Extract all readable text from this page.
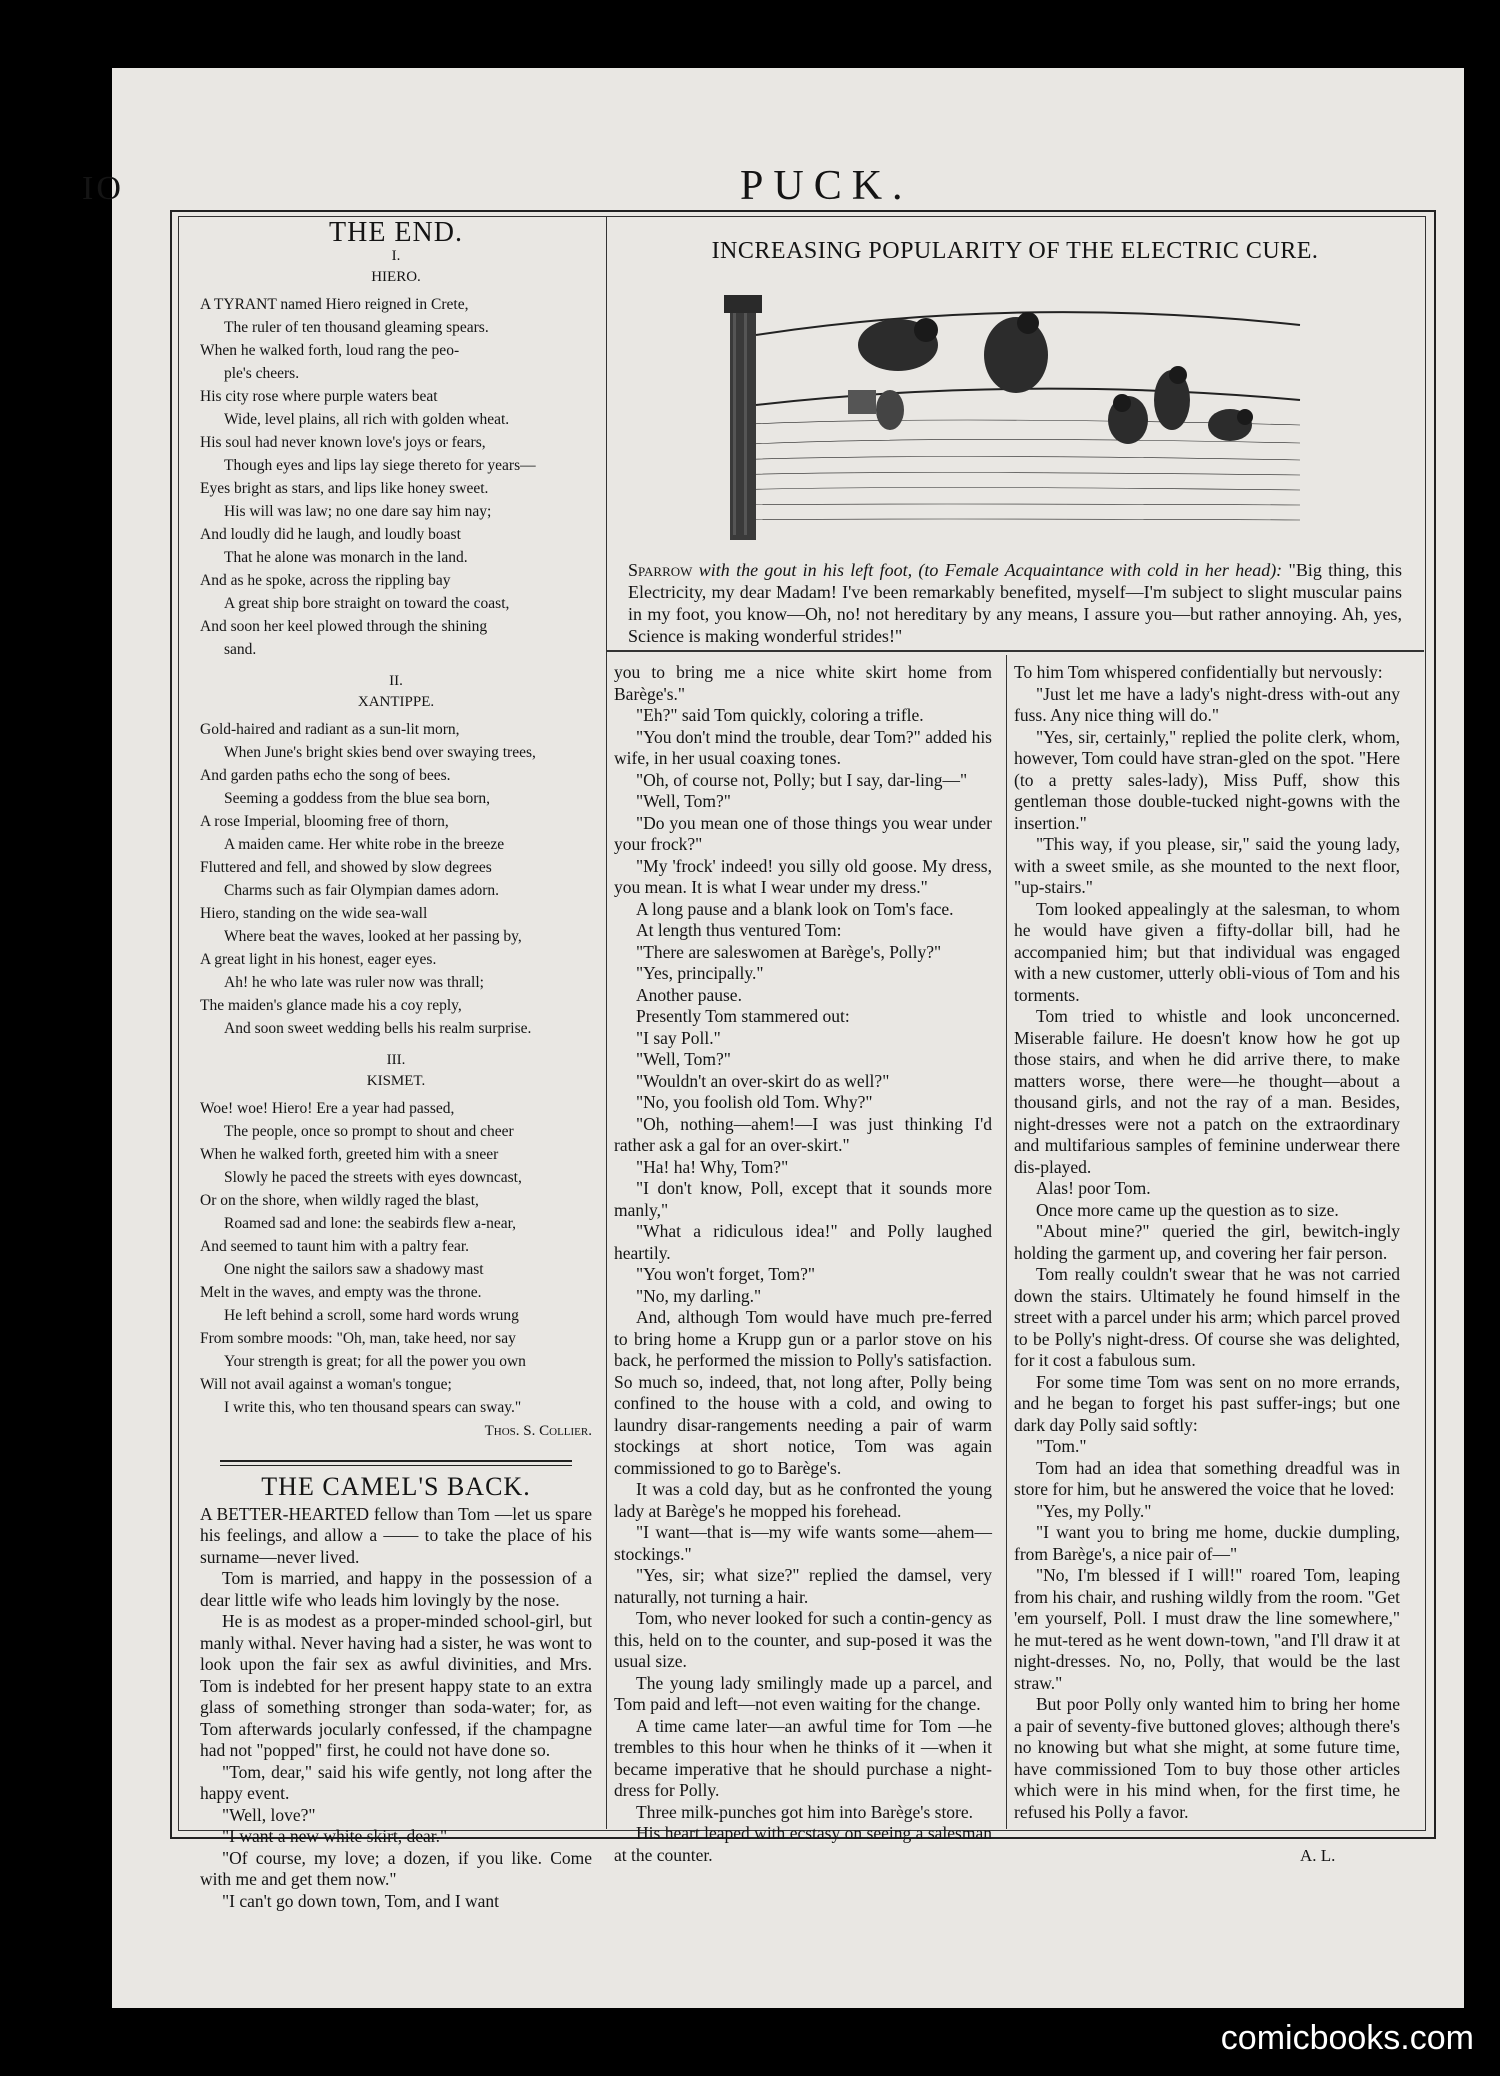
IO	PUCK.
THE END.
I.
HIERO.

A TYRANT named Hiero reigned in Crete,

The ruler of ten thousand gleaming spears.

When he walked forth, loud rang the peo-

ple's cheers.

His city rose where purple waters beat

Wide, level plains, all rich with golden wheat.

His soul had never known love's joys or fears,

Though eyes and lips lay siege thereto for years—

Eyes bright as stars, and lips like honey sweet.

His will was law; no one dare say him nay;

And loudly did he laugh, and loudly boast

That he alone was monarch in the land.

And as he spoke, across the rippling bay

A great ship bore straight on toward the coast,

And soon her keel plowed through the shining

sand.

II.
XANTIPPE.

Gold-haired and radiant as a sun-lit morn,

When June's bright skies bend over swaying trees,

And garden paths echo the song of bees.

Seeming a goddess from the blue sea born,

A rose Imperial, blooming free of thorn,

A maiden came. Her white robe in the breeze

Fluttered and fell, and showed by slow degrees

Charms such as fair Olympian dames adorn.

Hiero, standing on the wide sea-wall

Where beat the waves, looked at her passing by,

A great light in his honest, eager eyes.

Ah! he who late was ruler now was thrall;

The maiden's glance made his a coy reply,

And soon sweet wedding bells his realm surprise.

III.
KISMET.

Woe! woe! Hiero! Ere a year had passed,

The people, once so prompt to shout and cheer

When he walked forth, greeted him with a sneer

Slowly he paced the streets with eyes downcast,

Or on the shore, when wildly raged the blast,

Roamed sad and lone: the seabirds flew a-near,

And seemed to taunt him with a paltry fear.

One night the sailors saw a shadowy mast

Melt in the waves, and empty was the throne.

He left behind a scroll, some hard words wrung

From sombre moods: "Oh, man, take heed, nor say

Your strength is great; for all the power you own

Will not avail against a woman's tongue;

I write this, who ten thousand spears can sway."

Thos. S. Collier.
THE CAMEL'S BACK.

A BETTER-HEARTED fellow than Tom —let us spare his feelings, and allow a —— to take the place of his surname—never lived.

Tom is married, and happy in the possession of a dear little wife who leads him lovingly by the nose.

He is as modest as a proper-minded school-girl, but manly withal. Never having had a sister, he was wont to look upon the fair sex as awful divinities, and Mrs. Tom is indebted for her present happy state to an extra glass of something stronger than soda-water; for, as Tom afterwards jocularly confessed, if the champagne had not "popped" first, he could not have done so.

"Tom, dear," said his wife gently, not long after the happy event.

"Well, love?"

"I want a new white skirt, dear."

"Of course, my love; a dozen, if you like. Come with me and get them now."

"I can't go down town, Tom, and I want

INCREASING POPULARITY OF THE ELECTRIC CURE.
Sparrow with the gout in his left foot, (to Female Acquaintance with cold in her head): "Big thing, this Electricity, my dear Madam! I've been remarkably benefited, myself—I'm subject to slight muscular pains in my foot, you know—Oh, no! not hereditary by any means, I assure you—but rather annoying. Ah, yes, Science is making wonderful strides!"

you to bring me a nice white skirt home from Barège's."

"Eh?" said Tom quickly, coloring a trifle.

"You don't mind the trouble, dear Tom?" added his wife, in her usual coaxing tones.

"Oh, of course not, Polly; but I say, dar-ling—"

"Well, Tom?"

"Do you mean one of those things you wear under your frock?"

"My 'frock' indeed! you silly old goose. My dress, you mean. It is what I wear under my dress."

A long pause and a blank look on Tom's face.

At length thus ventured Tom:

"There are saleswomen at Barège's, Polly?"

"Yes, principally."

Another pause.

Presently Tom stammered out:

"I say Poll."

"Well, Tom?"

"Wouldn't an over-skirt do as well?"

"No, you foolish old Tom. Why?"

"Oh, nothing—ahem!—I was just thinking I'd rather ask a gal for an over-skirt."

"Ha! ha! Why, Tom?"

"I don't know, Poll, except that it sounds more manly,"

"What a ridiculous idea!" and Polly laughed heartily.

"You won't forget, Tom?"

"No, my darling."

And, although Tom would have much pre-ferred to bring home a Krupp gun or a parlor stove on his back, he performed the mission to Polly's satisfaction. So much so, indeed, that, not long after, Polly being confined to the house with a cold, and owing to laundry disar-rangements needing a pair of warm stockings at short notice, Tom was again commissioned to go to Barège's.

It was a cold day, but as he confronted the young lady at Barège's he mopped his forehead.

"I want—that is—my wife wants some—ahem—stockings."

"Yes, sir; what size?" replied the damsel, very naturally, not turning a hair.

Tom, who never looked for such a contin-gency as this, held on to the counter, and sup-posed it was the usual size.

The young lady smilingly made up a parcel, and Tom paid and left—not even waiting for the change.

A time came later—an awful time for Tom —he trembles to this hour when he thinks of it —when it became imperative that he should purchase a night-dress for Polly.

Three milk-punches got him into Barège's store.

His heart leaped with ecstasy on seeing a salesman at the counter.

To him Tom whispered confidentially but nervously:

"Just let me have a lady's night-dress with-out any fuss. Any nice thing will do."

"Yes, sir, certainly," replied the polite clerk, whom, however, Tom could have stran-gled on the spot. "Here (to a pretty sales-lady), Miss Puff, show this gentleman those double-tucked night-gowns with the insertion."

"This way, if you please, sir," said the young lady, with a sweet smile, as she mounted to the next floor, "up-stairs."

Tom looked appealingly at the salesman, to whom he would have given a fifty-dollar bill, had he accompanied him; but that individual was engaged with a new customer, utterly obli-vious of Tom and his torments.

Tom tried to whistle and look unconcerned. Miserable failure. He doesn't know how he got up those stairs, and when he did arrive there, to make matters worse, there were—he thought—about a thousand girls, and not the ray of a man. Besides, night-dresses were not a patch on the extraordinary and multifarious samples of feminine underwear there dis-played.

Alas! poor Tom.

Once more came up the question as to size.

"About mine?" queried the girl, bewitch-ingly holding the garment up, and covering her fair person.

Tom really couldn't swear that he was not carried down the stairs. Ultimately he found himself in the street with a parcel under his arm; which parcel proved to be Polly's night-dress. Of course she was delighted, for it cost a fabulous sum.

For some time Tom was sent on no more errands, and he began to forget his past suffer-ings; but one dark day Polly said softly:

"Tom."

Tom had an idea that something dreadful was in store for him, but he answered the voice that he loved:

"Yes, my Polly."

"I want you to bring me home, duckie dumpling, from Barège's, a nice pair of—"

"No, I'm blessed if I will!" roared Tom, leaping from his chair, and rushing wildly from the room. "Get 'em yourself, Poll. I must draw the line somewhere," he mut-tered as he went down-town, "and I'll draw it at night-dresses. No, no, Polly, that would be the last straw."

But poor Polly only wanted him to bring her home a pair of seventy-five buttoned gloves; although there's no knowing but what she might, at some future time, have commissioned Tom to buy those other articles which were in his mind when, for the first time, he refused his Polly a favor.

A. L.
comicbooks.com
